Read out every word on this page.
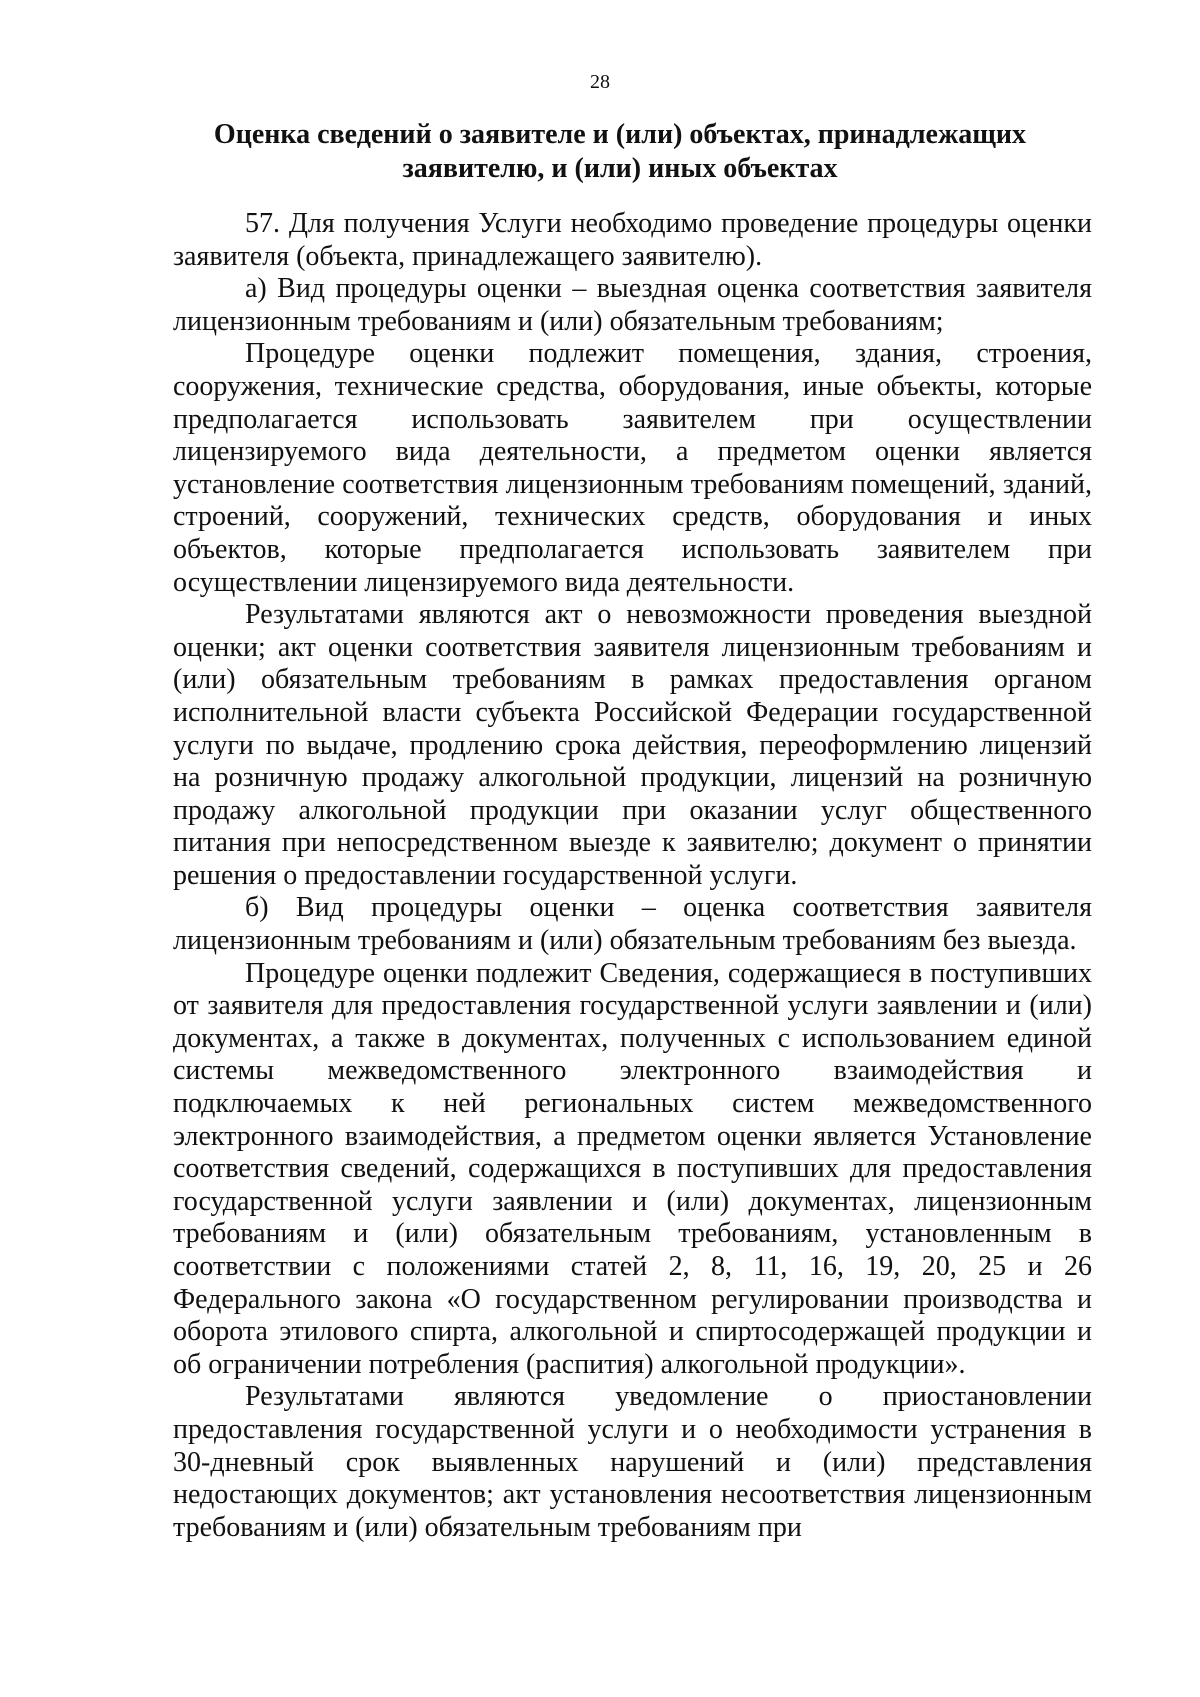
28
Оценка сведений о заявителе и (или) объектах, принадлежащих заявителю, и (или) иных объектах

57. Для получения Услуги необходимо проведение процедуры оценки заявителя (объекта, принадлежащего заявителю).

а) Вид процедуры оценки – выездная оценка соответствия заявителя лицензионным требованиям и (или) обязательным требованиям;

Процедуре оценки подлежит помещения, здания, строения, сооружения, технические средства, оборудования, иные объекты, которые предполагается использовать заявителем при осуществлении лицензируемого вида деятельности, а предметом оценки является установление соответствия лицензионным требованиям помещений, зданий, строений, сооружений, технических средств, оборудования и иных объектов, которые предполагается использовать заявителем при осуществлении лицензируемого вида деятельности.

Результатами являются акт о невозможности проведения выездной оценки; акт оценки соответствия заявителя лицензионным требованиям и (или) обязательным требованиям в рамках предоставления органом исполнительной власти субъекта Российской Федерации государственной услуги по выдаче, продлению срока действия, переоформлению лицензий на розничную продажу алкогольной продукции, лицензий на розничную продажу алкогольной продукции при оказании услуг общественного питания при непосредственном выезде к заявителю; документ о принятии решения о предоставлении государственной услуги.

б) Вид процедуры оценки – оценка соответствия заявителя лицензионным требованиям и (или) обязательным требованиям без выезда.

Процедуре оценки подлежит Сведения, содержащиеся в поступивших от заявителя для предоставления государственной услуги заявлении и (или) документах, а также в документах, полученных с использованием единой системы межведомственного электронного взаимодействия и подключаемых к ней региональных систем межведомственного электронного взаимодействия, а предметом оценки является Установление соответствия сведений, содержащихся в поступивших для предоставления государственной услуги заявлении и (или) документах, лицензионным требованиям и (или) обязательным требованиям, установленным в соответствии с положениями статей 2, 8, 11, 16, 19, 20, 25 и 26 Федерального закона «О государственном регулировании производства и оборота этилового спирта, алкогольной и спиртосодержащей продукции и об ограничении потребления (распития) алкогольной продукции».

Результатами являются уведомление о приостановлении предоставления государственной услуги и о необходимости устранения в 30-дневный срок выявленных нарушений и (или) представления недостающих документов; акт установления несоответствия лицензионным требованиям и (или) обязательным требованиям при
